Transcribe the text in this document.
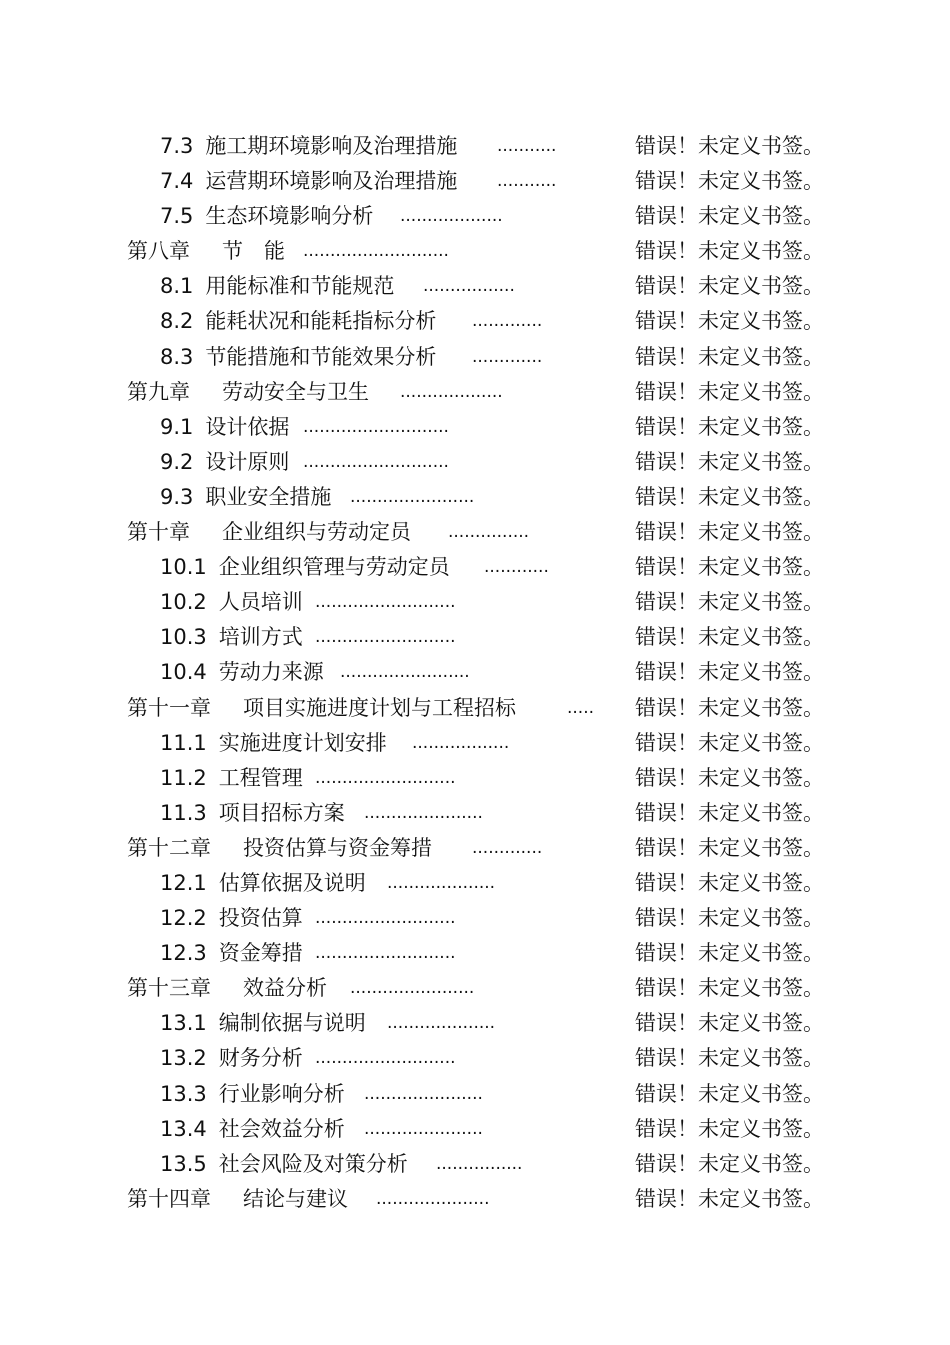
7.3 施工期环境影响及治理措施 ...........	错误！未定义书签。
7.4 运营期环境影响及治理措施 ...........	错误！未定义书签。
7.5 生态环境影响分析 ...................	错误！未定义书签。
第八章 节　能 ...........................	错误！未定义书签。
8.1 用能标准和节能规范 .................	错误！未定义书签。
8.2 能耗状况和能耗指标分析 .............	错误！未定义书签。
8.3 节能措施和节能效果分析 .............	错误！未定义书签。
第九章 劳动安全与卫生 ...................	错误！未定义书签。
9.1 设计依据 ...........................	错误！未定义书签。
9.2 设计原则 ...........................	错误！未定义书签。
9.3 职业安全措施 .......................	错误！未定义书签。
第十章 企业组织与劳动定员 ...............	错误！未定义书签。
10.1 企业组织管理与劳动定员 ............	错误！未定义书签。
10.2 人员培训 ..........................	错误！未定义书签。
10.3 培训方式 ..........................	错误！未定义书签。
10.4 劳动力来源 ........................	错误！未定义书签。
第十一章 项目实施进度计划与工程招标	..... 错误！未定义书签。
11.1 实施进度计划安排 ..................	错误！未定义书签。
11.2 工程管理 ..........................	错误！未定义书签。
11.3 项目招标方案 ......................	错误！未定义书签。
第十二章 投资估算与资金筹措 .............	错误！未定义书签。
12.1 估算依据及说明 ....................	错误！未定义书签。
12.2 投资估算 ..........................	错误！未定义书签。
12.3 资金筹措 ..........................	错误！未定义书签。
第十三章 效益分析 .......................	错误！未定义书签。
13.1 编制依据与说明 ....................	错误！未定义书签。
13.2 财务分析 ..........................	错误！未定义书签。
13.3 行业影响分析 ......................	错误！未定义书签。
13.4 社会效益分析 ......................	错误！未定义书签。
13.5 社会风险及对策分析 ................	错误！未定义书签。
第十四章 结论与建议 .....................	错误！未定义书签。
